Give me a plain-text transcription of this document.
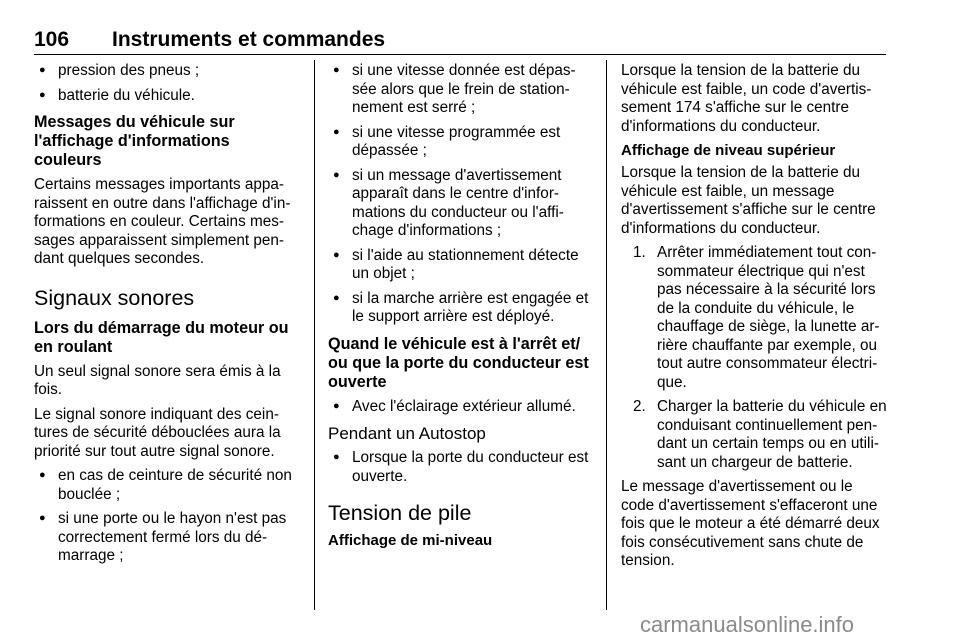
106 Instruments et commandes
● pression des pneus ;
● batterie du véhicule.
Messages du véhicule sur l'affichage d'informations couleurs

Certains messages importants appa-raissent en outre dans l'affichage d'in-formations en couleur. Certains mes-sages apparaissent simplement pen-dant quelques secondes.

Signaux sonores
Lors du démarrage du moteur ou en roulant

Un seul signal sonore sera émis à la fois.

Le signal sonore indiquant des cein-tures de sécurité débouclées aura la priorité sur tout autre signal sonore.

● en cas de ceinture de sécurité non bouclée ;
● si une porte ou le hayon n'est pas correctement fermé lors du dé-marrage ;
● si une vitesse donnée est dépas-sée alors que le frein de station-nement est serré ;
● si une vitesse programmée est dépassée ;
● si un message d'avertissement apparaît dans le centre d'infor-mations du conducteur ou l'affi-chage d'informations ;
● si l'aide au stationnement détecte un objet ;
● si la marche arrière est engagée et le support arrière est déployé.
Quand le véhicule est à l'arrêt et/ ou que la porte du conducteur est ouverte
● Avec l'éclairage extérieur allumé.
Pendant un Autostop
● Lorsque la porte du conducteur est ouverte.
Tension de pile
Affichage de mi-niveau

Lorsque la tension de la batterie du véhicule est faible, un code d'avertis-sement 174 s'affiche sur le centre d'informations du conducteur.

Affichage de niveau supérieur

Lorsque la tension de la batterie du véhicule est faible, un message d'avertissement s'affiche sur le centre d'informations du conducteur.

1. Arrêter immédiatement tout con-sommateur électrique qui n'est pas nécessaire à la sécurité lors de la conduite du véhicule, le chauffage de siège, la lunette ar-rière chauffante par exemple, ou tout autre consommateur électri-que.
2. Charger la batterie du véhicule en conduisant continuellement pen-dant un certain temps ou en utili-sant un chargeur de batterie.

Le message d'avertissement ou le code d'avertissement s'effaceront une fois que le moteur a été démarré deux fois consécutivement sans chute de tension.

carmanualsonline.info
